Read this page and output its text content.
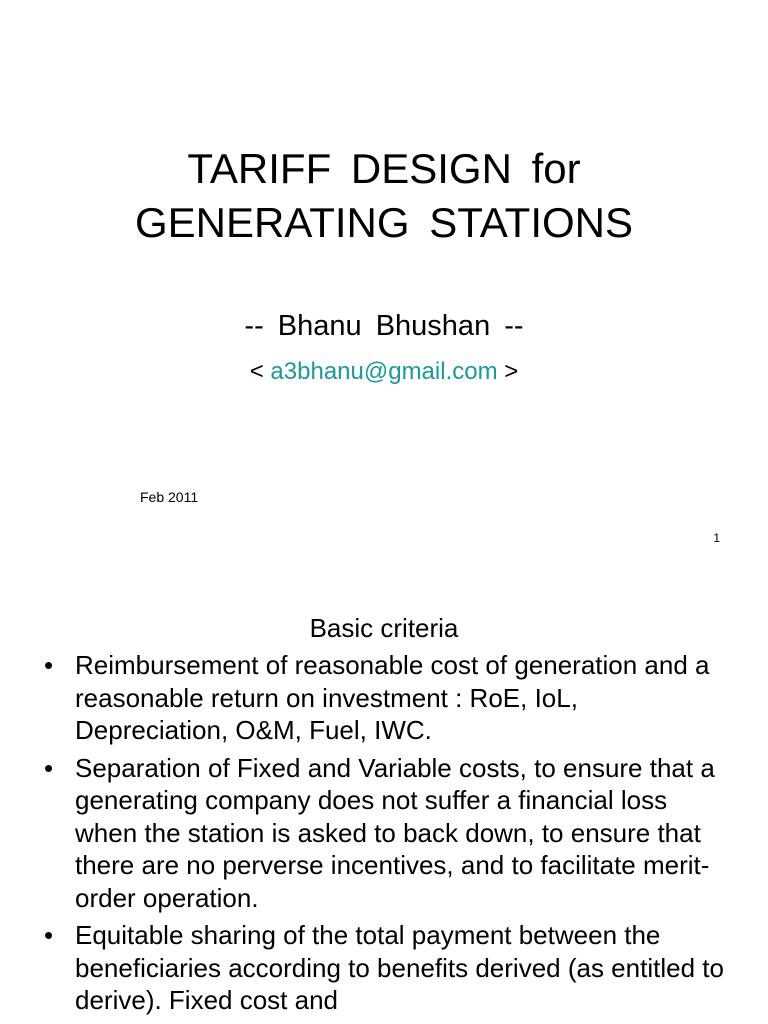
TARIFF DESIGN for
GENERATING STATIONS
-- Bhanu Bhushan --
< a3bhanu@gmail.com >
Feb 2011
1
Basic criteria
• Reimbursement of reasonable cost of generation and a reasonable return on investment : RoE, IoL, Depreciation, O&M, Fuel, IWC.
• Separation of Fixed and Variable costs, to ensure that a generating company does not suffer a financial loss when the station is asked to back down, to ensure that there are no perverse incentives, and to facilitate merit-order operation.
• Equitable sharing of the total payment between the beneficiaries according to benefits derived (as entitled to derive). Fixed cost and
